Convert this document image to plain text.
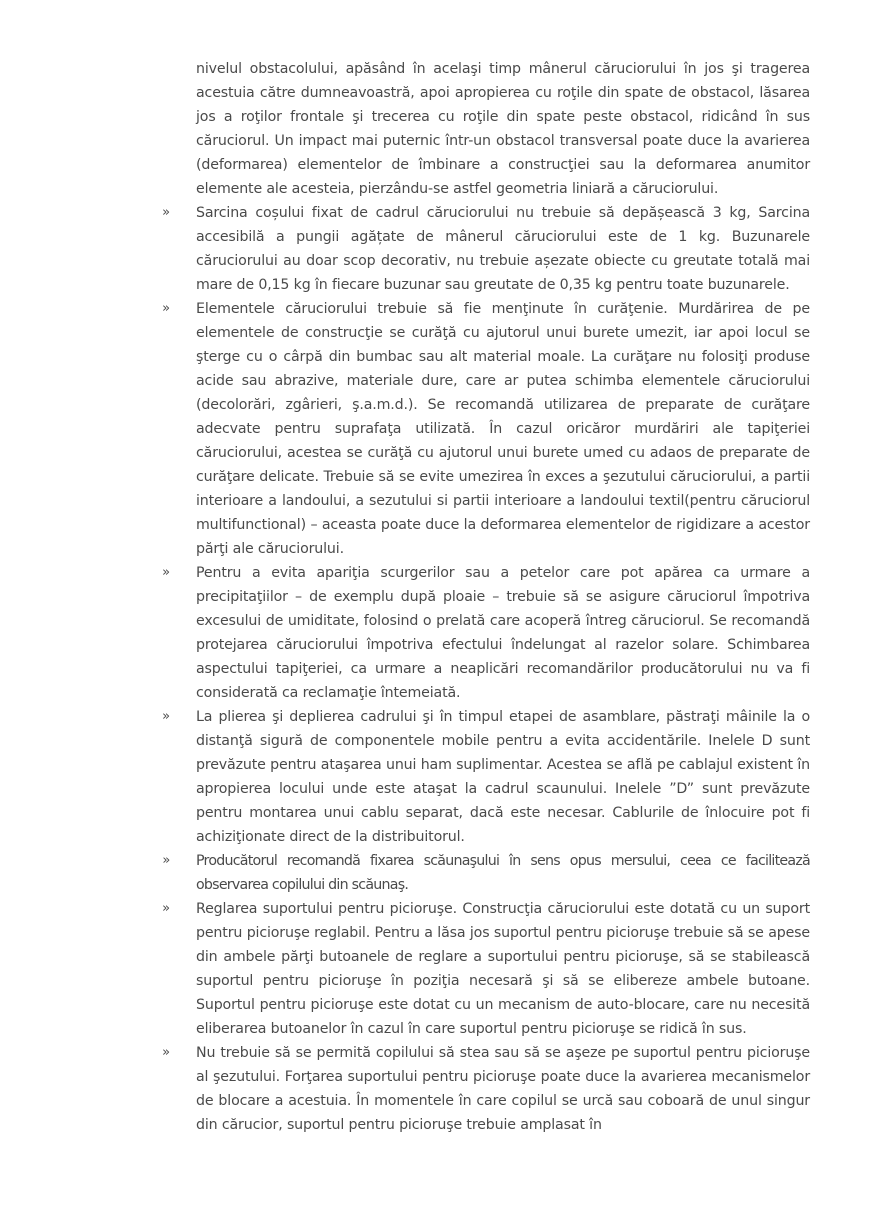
nivelul obstacolului, apăsând în acelaşi timp mânerul căruciorului în jos şi tragerea acestuia către dumneavoastră, apoi apropierea cu roţile din spate de obstacol, lăsarea jos a roţilor frontale şi trecerea cu roţile din spate peste obstacol, ridicând în sus căruciorul. Un impact mai puternic într-un obstacol transversal poate duce la avarierea (deformarea) elementelor de îmbinare a construcţiei sau la deformarea anumitor elemente ale acesteia, pierzându-se astfel geometria liniară a căruciorului.
» Sarcina coșului fixat de cadrul căruciorului nu trebuie să depășească 3 kg, Sarcina accesibilă a pungii agățate de mânerul căruciorului este de 1 kg. Buzunarele căruciorului au doar scop decorativ, nu trebuie așezate obiecte cu greutate totală mai mare de 0,15 kg în fiecare buzunar sau greutate de 0,35 kg pentru toate buzunarele.
» Elementele căruciorului trebuie să fie menţinute în curăţenie. Murdărirea de pe elementele de construcţie se curăţă cu ajutorul unui burete umezit, iar apoi locul se şterge cu o cârpă din bumbac sau alt material moale. La curăţare nu folosiţi produse acide sau abrazive, materiale dure, care ar putea schimba elementele căruciorului (decolorări, zgârieri, ş.a.m.d.). Se recomandă utilizarea de preparate de curăţare adecvate pentru suprafaţa utilizată. În cazul oricăror murdăriri ale tapiţeriei căruciorului, acestea se curăţă cu ajutorul unui burete umed cu adaos de preparate de curăţare delicate. Trebuie să se evite umezirea în exces a şezutului căruciorului, a partii interioare a landoului, a sezutului si partii interioare a landoului textil(pentru căruciorul multifunctional) – aceasta poate duce la deformarea elementelor de rigidizare a acestor părţi ale căruciorului.
» Pentru a evita apariţia scurgerilor sau a petelor care pot apărea ca urmare a precipitaţiilor – de exemplu după ploaie – trebuie să se asigure căruciorul împotriva excesului de umiditate, folosind o prelată care acoperă întreg căruciorul. Se recomandă protejarea căruciorului împotriva efectului îndelungat al razelor solare. Schimbarea aspectului tapiţeriei, ca urmare a neaplicări recomandărilor producătorului nu va fi considerată ca reclamaţie întemeiată.
» La plierea şi deplierea cadrului şi în timpul etapei de asamblare, păstraţi mâinile la o distanţă sigură de componentele mobile pentru a evita accidentările. Inelele D sunt prevăzute pentru ataşarea unui ham suplimentar. Acestea se află pe cablajul existent în apropierea locului unde este ataşat la cadrul scaunului. Inelele ”D” sunt prevăzute pentru montarea unui cablu separat, dacă este necesar. Cablurile de înlocuire pot fi achiziţionate direct de la distribuitorul.
» Producătorul recomandă fixarea scăunaşului în sens opus mersului, ceea ce facilitează observarea copilului din scăunaş.
» Reglarea suportului pentru picioruşe. Construcţia căruciorului este dotată cu un suport pentru picioruşe reglabil. Pentru a lăsa jos suportul pentru picioruşe trebuie să se apese din ambele părţi butoanele de reglare a suportului pentru picioruşe, să se stabilească suportul pentru picioruşe în poziţia necesară şi să se elibereze ambele butoane. Suportul pentru picioruşe este dotat cu un mecanism de auto-blocare, care nu necesită eliberarea butoanelor în cazul în care suportul pentru picioruşe se ridică în sus.
» Nu trebuie să se permită copilului să stea sau să se aşeze pe suportul pentru picioruşe al şezutului. Forţarea suportului pentru picioruşe poate duce la avarierea mecanismelor de blocare a acestuia. În momentele în care copilul se urcă sau coboară de unul singur din cărucior, suportul pentru picioruşe trebuie amplasat în
